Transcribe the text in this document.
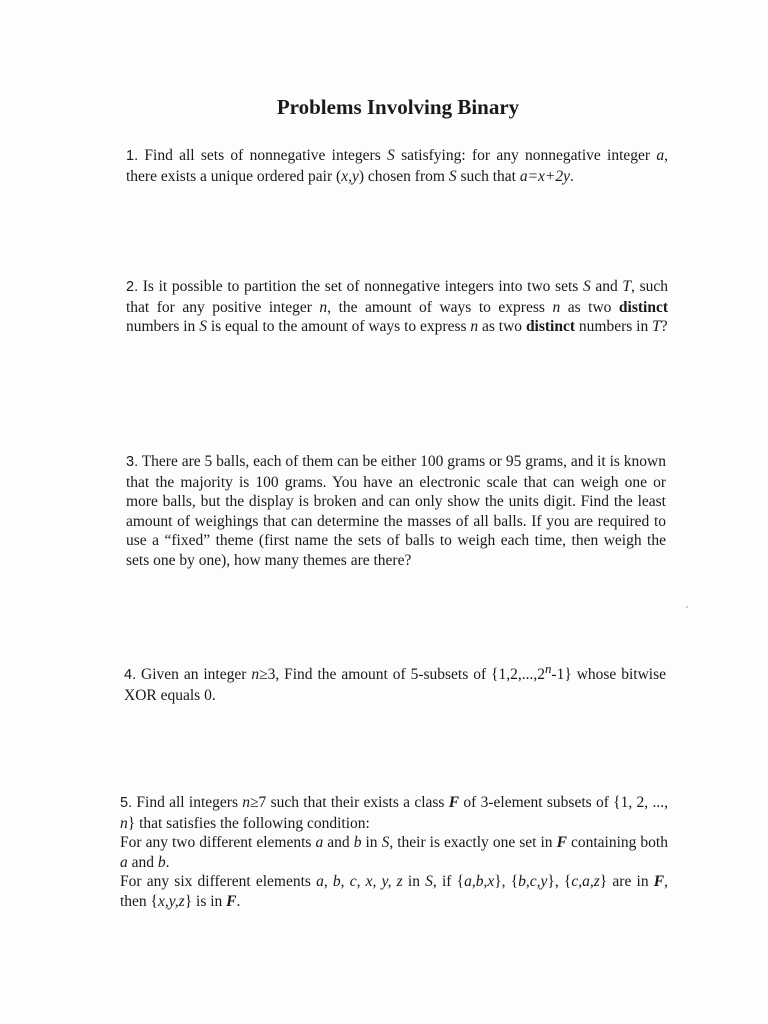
Problems Involving Binary

1. Find all sets of nonnegative integers S satisfying: for any nonnegative integer a, there exists a unique ordered pair (x,y) chosen from S such that a=x+2y.

2. Is it possible to partition the set of nonnegative integers into two sets S and T, such that for any positive integer n, the amount of ways to express n as two distinct numbers in S is equal to the amount of ways to express n as two distinct numbers in T?

3. There are 5 balls, each of them can be either 100 grams or 95 grams, and it is known that the majority is 100 grams. You have an electronic scale that can weigh one or more balls, but the display is broken and can only show the units digit. Find the least amount of weighings that can determine the masses of all balls. If you are required to use a “fixed” theme (first name the sets of balls to weigh each time, then weigh the sets one by one), how many themes are there?

4. Given an integer n≥3, Find the amount of 5-subsets of {1,2,...,2$^n$-1} whose bitwise XOR equals 0.

5. Find all integers n≥7 such that their exists a class F of 3-element subsets of {1, 2, ..., n} that satisfies the following condition:

For any two different elements a and b in S, their is exactly one set in F containing both a and b.

For any six different elements a, b, c, x, y, z in S, if {a,b,x}, {b,c,y}, {c,a,z} are in F, then {x,y,z} is in F.
